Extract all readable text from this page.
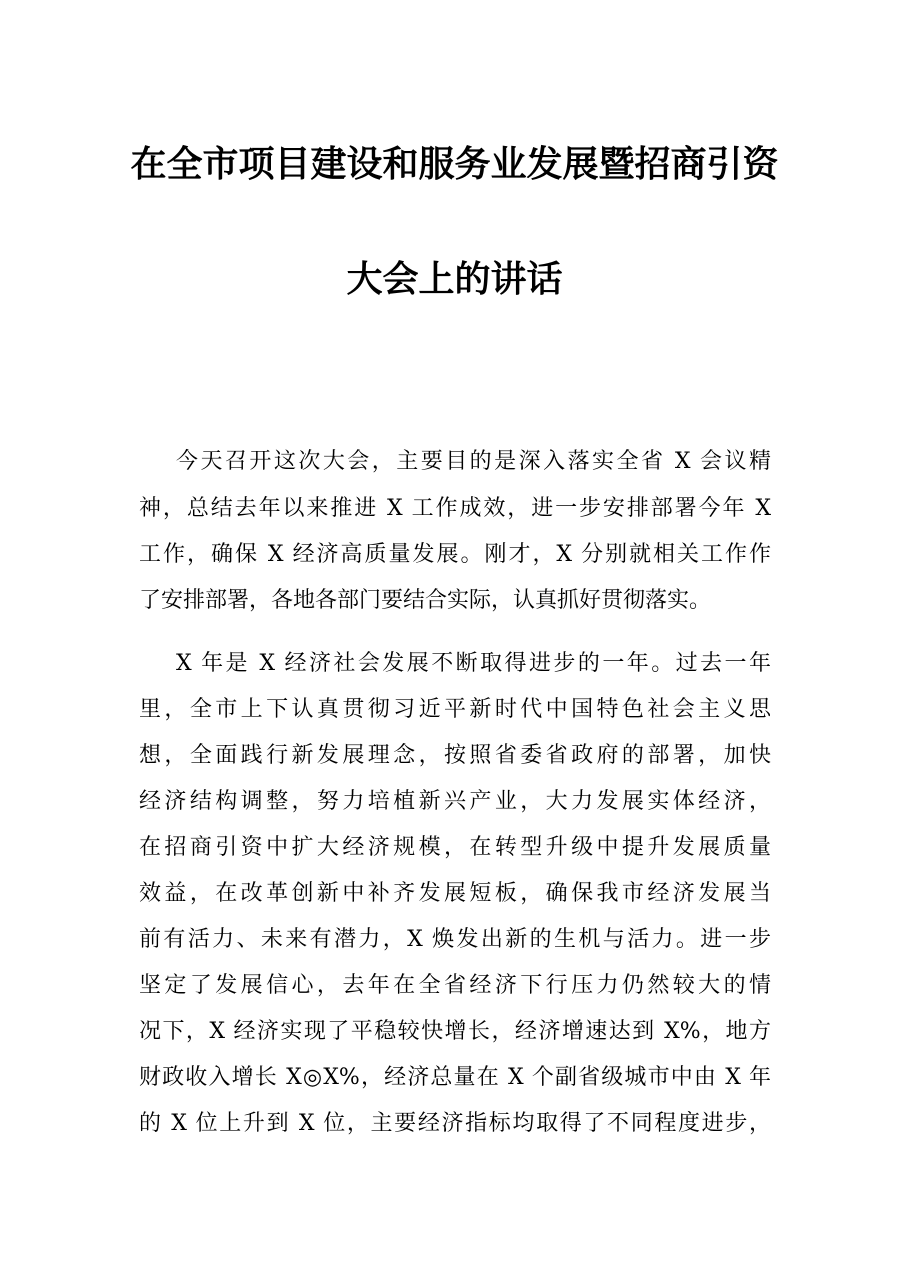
在全市项目建设和服务业发展暨招商引资
大会上的讲话
今天召开这次大会，主要目的是深入落实全省 X 会议精
神，总结去年以来推进 X 工作成效，进一步安排部署今年 X
工作，确保 X 经济高质量发展。刚才，X 分别就相关工作作
了安排部署，各地各部门要结合实际，认真抓好贯彻落实。
X 年是 X 经济社会发展不断取得进步的一年。过去一年
里，全市上下认真贯彻习近平新时代中国特色社会主义思
想，全面践行新发展理念，按照省委省政府的部署，加快
经济结构调整，努力培植新兴产业，大力发展实体经济，
在招商引资中扩大经济规模，在转型升级中提升发展质量
效益，在改革创新中补齐发展短板，确保我市经济发展当
前有活力、未来有潜力，X 焕发出新的生机与活力。进一步
坚定了发展信心，去年在全省经济下行压力仍然较大的情
况下，X 经济实现了平稳较快增长，经济增速达到 X%，地方
财政收入增长 X◎X%，经济总量在 X 个副省级城市中由 X 年
的 X 位上升到 X 位，主要经济指标均取得了不同程度进步，
